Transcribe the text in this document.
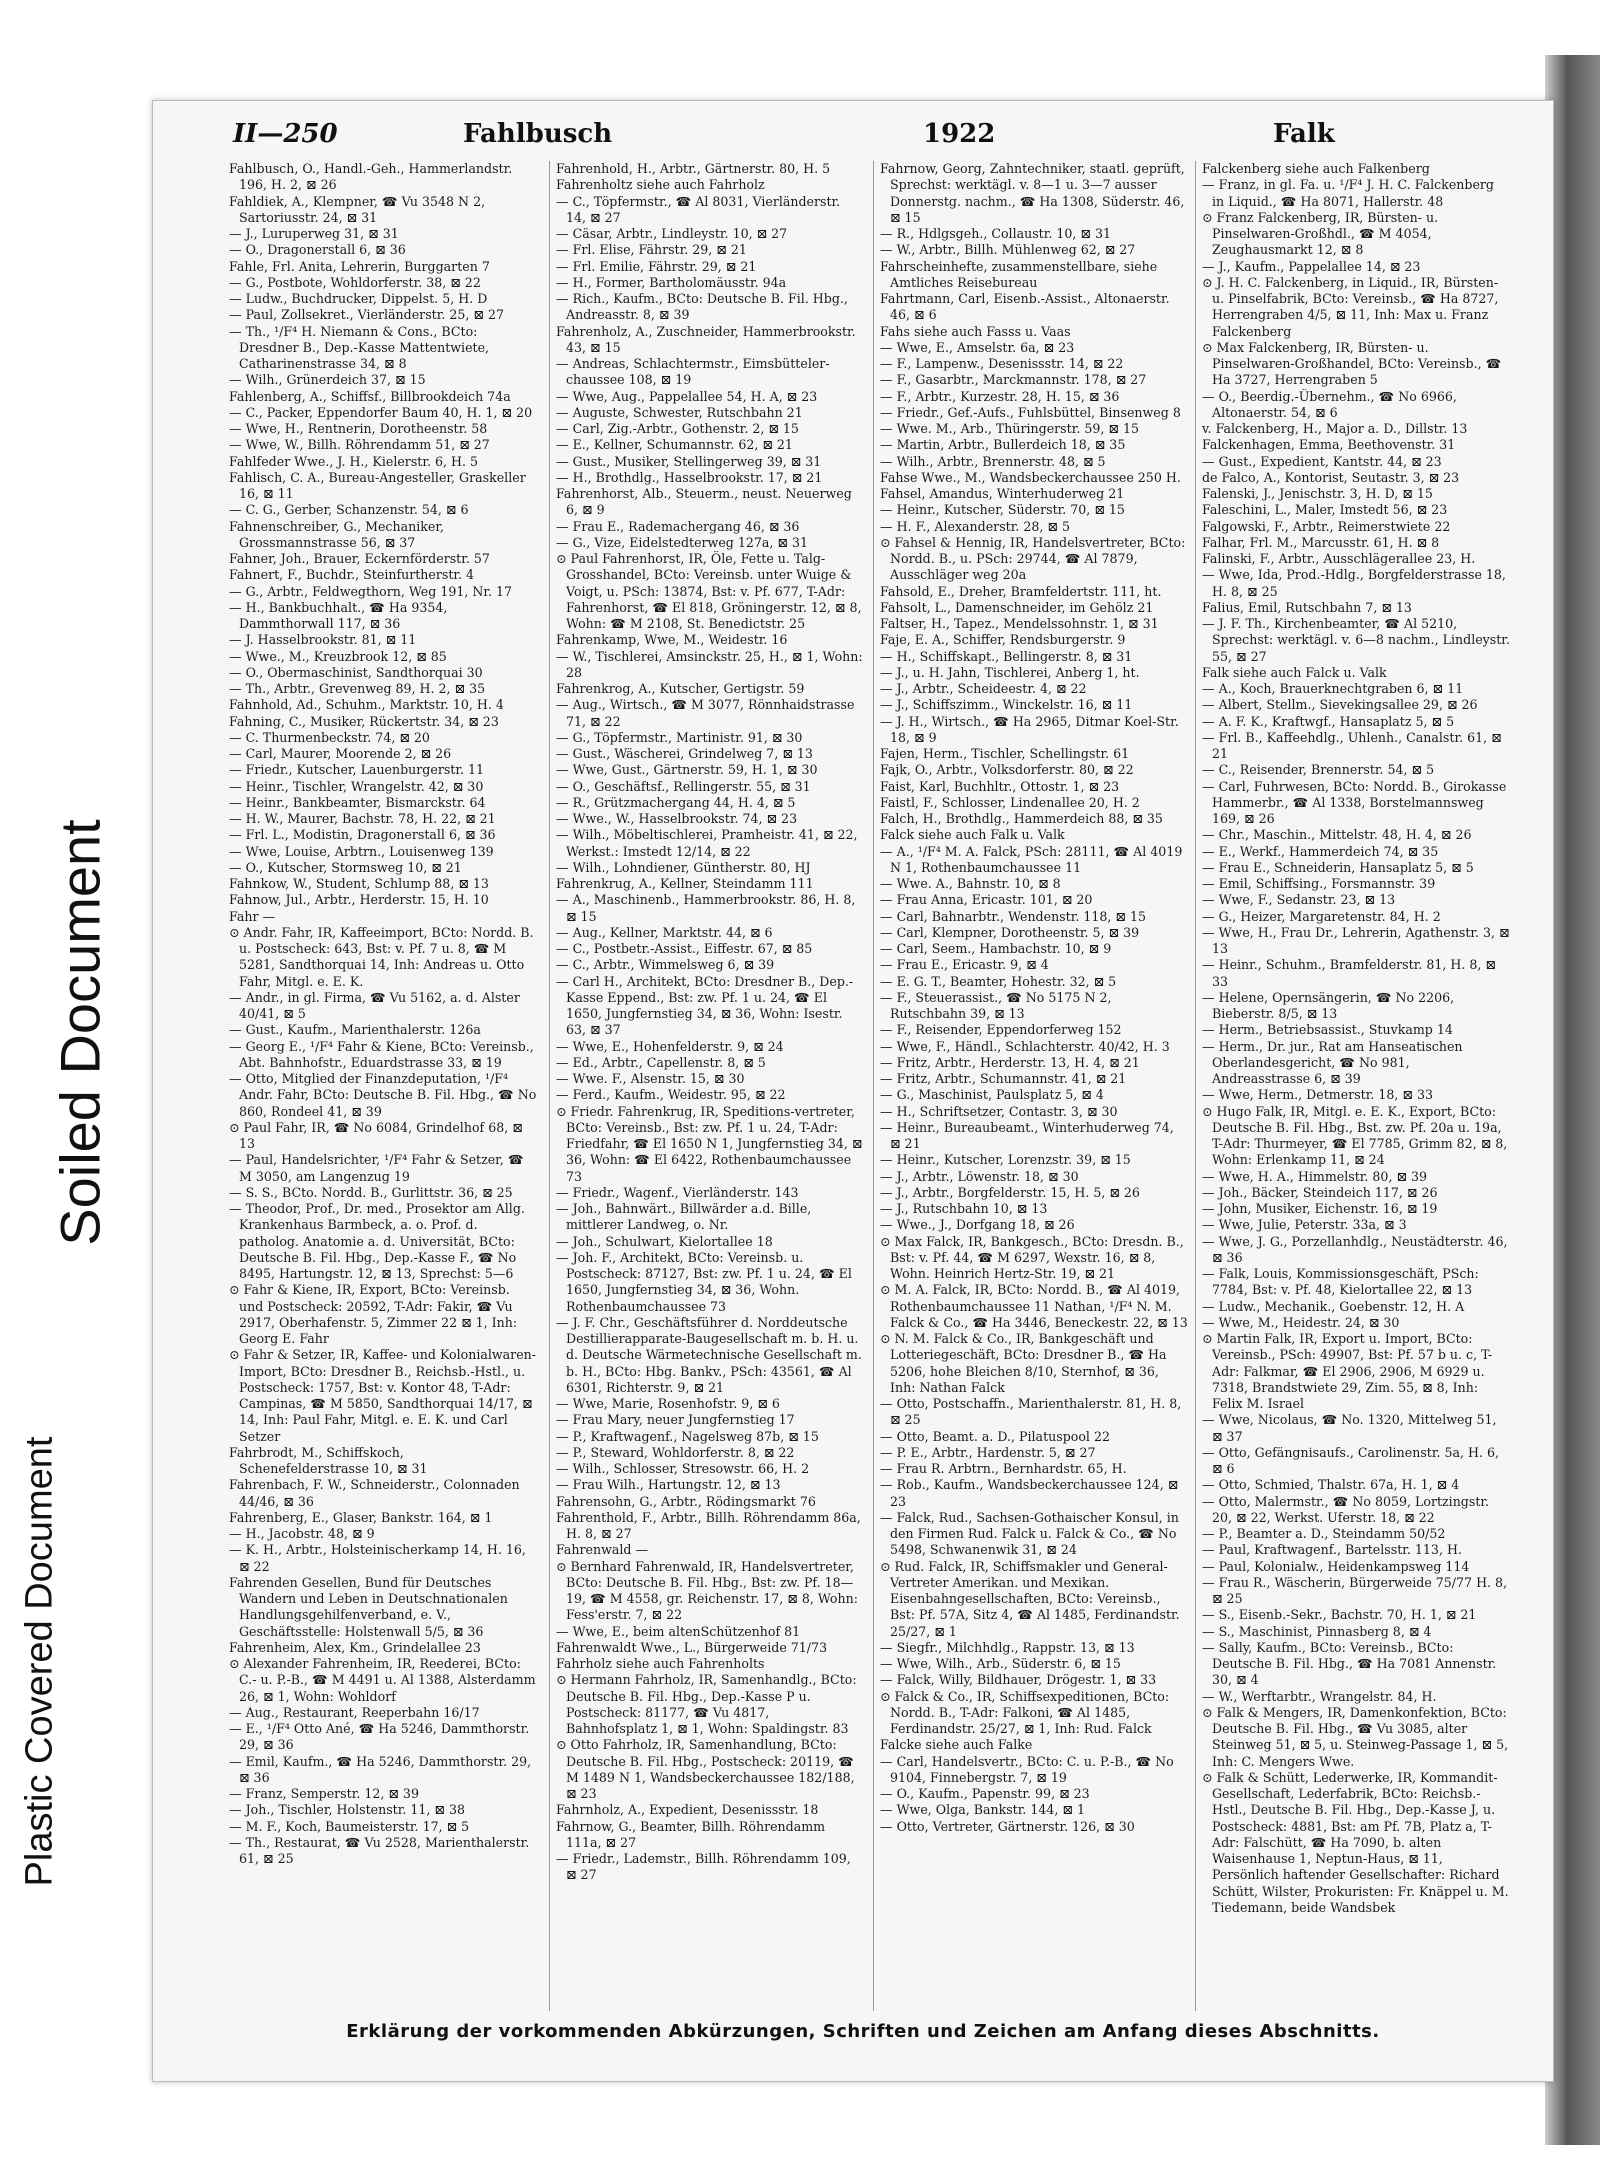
Plastic Covered Document
Soiled Document
II—250	Fahlbusch	1922	Falk

Fahlbusch, O., Handl.-Geh., Hammerlandstr. 196, H. 2, ⊠ 26

Fahldiek, A., Klempner, ☎ Vu 3548 N 2, Sartoriusstr. 24, ⊠ 31

— J., Luruperweg 31, ⊠ 31

— O., Dragonerstall 6, ⊠ 36

Fahle, Frl. Anita, Lehrerin, Burggarten 7

— G., Postbote, Wohldorferstr. 38, ⊠ 22

— Ludw., Buchdrucker, Dippelst. 5, H. D

— Paul, Zollsekret., Vierländerstr. 25, ⊠ 27

— Th., ¹/F⁴ H. Niemann & Cons., BCto: Dresdner B., Dep.-Kasse Mattentwiete, Catharinenstrasse 34, ⊠ 8

— Wilh., Grünerdeich 37, ⊠ 15

Fahlenberg, A., Schiffsf., Billbrookdeich 74a

— C., Packer, Eppendorfer Baum 40, H. 1, ⊠ 20

— Wwe, H., Rentnerin, Dorotheenstr. 58

— Wwe, W., Billh. Röhrendamm 51, ⊠ 27

Fahlfeder Wwe., J. H., Kielerstr. 6, H. 5

Fahlisch, C. A., Bureau-Angesteller, Graskeller 16, ⊠ 11

— C. G., Gerber, Schanzenstr. 54, ⊠ 6

Fahnenschreiber, G., Mechaniker, Grossmannstrasse 56, ⊠ 37

Fahner, Joh., Brauer, Eckernförderstr. 57

Fahnert, F., Buchdr., Steinfurtherstr. 4

— G., Arbtr., Feldwegthorn, Weg 191, Nr. 17

— H., Bankbuchhalt., ☎ Ha 9354, Dammthorwall 117, ⊠ 36

— J. Hasselbrookstr. 81, ⊠ 11

— Wwe., M., Kreuzbrook 12, ⊠ 85

— O., Obermaschinist, Sandthorquai 30

— Th., Arbtr., Grevenweg 89, H. 2, ⊠ 35

Fahnhold, Ad., Schuhm., Marktstr. 10, H. 4

Fahning, C., Musiker, Rückertstr. 34, ⊠ 23

— C. Thurmenbeckstr. 74, ⊠ 20

— Carl, Maurer, Moorende 2, ⊠ 26

— Friedr., Kutscher, Lauenburgerstr. 11

— Heinr., Tischler, Wrangelstr. 42, ⊠ 30

— Heinr., Bankbeamter, Bismarckstr. 64

— H. W., Maurer, Bachstr. 78, H. 22, ⊠ 21

— Frl. L., Modistin, Dragonerstall 6, ⊠ 36

— Wwe, Louise, Arbtrn., Louisenweg 139

— O., Kutscher, Stormsweg 10, ⊠ 21

Fahnkow, W., Student, Schlump 88, ⊠ 13

Fahnow, Jul., Arbtr., Herderstr. 15, H. 10

Fahr —

⊙ Andr. Fahr, IR, Kaffeeimport, BCto: Nordd. B. u. Postscheck: 643, Bst: v. Pf. 7 u. 8, ☎ M 5281, Sandthorquai 14, Inh: Andreas u. Otto Fahr, Mitgl. e. E. K.

— Andr., in gl. Firma, ☎ Vu 5162, a. d. Alster 40/41, ⊠ 5

— Gust., Kaufm., Marienthalerstr. 126a

— Georg E., ¹/F⁴ Fahr & Kiene, BCto: Vereinsb., Abt. Bahnhofstr., Eduardstrasse 33, ⊠ 19

— Otto, Mitglied der Finanzdeputation, ¹/F⁴ Andr. Fahr, BCto: Deutsche B. Fil. Hbg., ☎ No 860, Rondeel 41, ⊠ 39

⊙ Paul Fahr, IR, ☎ No 6084, Grindelhof 68, ⊠ 13

— Paul, Handelsrichter, ¹/F⁴ Fahr & Setzer, ☎ M 3050, am Langenzug 19

— S. S., BCto. Nordd. B., Gurlittstr. 36, ⊠ 25

— Theodor, Prof., Dr. med., Prosektor am Allg. Krankenhaus Barmbeck, a. o. Prof. d. patholog. Anatomie a. d. Universität, BCto: Deutsche B. Fil. Hbg., Dep.-Kasse F., ☎ No 8495, Hartungstr. 12, ⊠ 13, Sprechst: 5—6

⊙ Fahr & Kiene, IR, Export, BCto: Vereinsb. und Postscheck: 20592, T-Adr: Fakir, ☎ Vu 2917, Oberhafenstr. 5, Zimmer 22 ⊠ 1, Inh: Georg E. Fahr

⊙ Fahr & Setzer, IR, Kaffee- und Kolonialwaren-Import, BCto: Dresdner B., Reichsb.-Hstl., u. Postscheck: 1757, Bst: v. Kontor 48, T-Adr: Campinas, ☎ M 5850, Sandthorquai 14/17, ⊠ 14, Inh: Paul Fahr, Mitgl. e. E. K. und Carl Setzer

Fahrbrodt, M., Schiffskoch, Schenefelderstrasse 10, ⊠ 31

Fahrenbach, F. W., Schneiderstr., Colonnaden 44/46, ⊠ 36

Fahrenberg, E., Glaser, Bankstr. 164, ⊠ 1

— H., Jacobstr. 48, ⊠ 9

— K. H., Arbtr., Holsteinischerkamp 14, H. 16, ⊠ 22

Fahrenden Gesellen, Bund für Deutsches Wandern und Leben in Deutschnationalen Handlungsgehilfenverband, e. V., Geschäftsstelle: Holstenwall 5/5, ⊠ 36

Fahrenheim, Alex, Km., Grindelallee 23

⊙ Alexander Fahrenheim, IR, Reederei, BCto: C.- u. P.-B., ☎ M 4491 u. Al 1388, Alsterdamm 26, ⊠ 1, Wohn: Wohldorf

— Aug., Restaurant, Reeperbahn 16/17

— E., ¹/F⁴ Otto Ané, ☎ Ha 5246, Dammthorstr. 29, ⊠ 36

— Emil, Kaufm., ☎ Ha 5246, Dammthorstr. 29, ⊠ 36

— Franz, Semperstr. 12, ⊠ 39

— Joh., Tischler, Holstenstr. 11, ⊠ 38

— M. F., Koch, Baumeisterstr. 17, ⊠ 5

— Th., Restaurat, ☎ Vu 2528, Marienthalerstr. 61, ⊠ 25

Fahrenhold, H., Arbtr., Gärtnerstr. 80, H. 5

Fahrenholtz siehe auch Fahrholz

— C., Töpfermstr., ☎ Al 8031, Vierländerstr. 14, ⊠ 27

— Cäsar, Arbtr., Lindleystr. 10, ⊠ 27

— Frl. Elise, Fährstr. 29, ⊠ 21

— Frl. Emilie, Fährstr. 29, ⊠ 21

— H., Former, Bartholomäusstr. 94a

— Rich., Kaufm., BCto: Deutsche B. Fil. Hbg., Andreasstr. 8, ⊠ 39

Fahrenholz, A., Zuschneider, Hammerbrookstr. 43, ⊠ 15

— Andreas, Schlachtermstr., Eimsbütteler-chaussee 108, ⊠ 19

— Wwe, Aug., Pappelallee 54, H. A, ⊠ 23

— Auguste, Schwester, Rutschbahn 21

— Carl, Zig.-Arbtr., Gothenstr. 2, ⊠ 15

— E., Kellner, Schumannstr. 62, ⊠ 21

— Gust., Musiker, Stellingerweg 39, ⊠ 31

— H., Brothdlg., Hasselbrookstr. 17, ⊠ 21

Fahrenhorst, Alb., Steuerm., neust. Neuerweg 6, ⊠ 9

— Frau E., Rademachergang 46, ⊠ 36

— G., Vize, Eidelstedterweg 127a, ⊠ 31

⊙ Paul Fahrenhorst, IR, Öle, Fette u. Talg-Grosshandel, BCto: Vereinsb. unter Wuige & Voigt, u. PSch: 13874, Bst: v. Pf. 677, T-Adr: Fahrenhorst, ☎ El 818, Gröningerstr. 12, ⊠ 8, Wohn: ☎ M 2108, St. Benedictstr. 25

Fahrenkamp, Wwe, M., Weidestr. 16

— W., Tischlerei, Amsinckstr. 25, H., ⊠ 1, Wohn: 28

Fahrenkrog, A., Kutscher, Gertigstr. 59

— Aug., Wirtsch., ☎ M 3077, Rönnhaidstrasse 71, ⊠ 22

— G., Töpfermstr., Martinistr. 91, ⊠ 30

— Gust., Wäscherei, Grindelweg 7, ⊠ 13

— Wwe, Gust., Gärtnerstr. 59, H. 1, ⊠ 30

— O., Geschäftsf., Rellingerstr. 55, ⊠ 31

— R., Grützmachergang 44, H. 4, ⊠ 5

— Wwe., W., Hasselbrookstr. 74, ⊠ 23

— Wilh., Möbeltischlerei, Pramheistr. 41, ⊠ 22, Werkst.: Imstedt 12/14, ⊠ 22

— Wilh., Lohndiener, Güntherstr. 80, HJ

Fahrenkrug, A., Kellner, Steindamm 111

— A., Maschinenb., Hammerbrookstr. 86, H. 8, ⊠ 15

— Aug., Kellner, Marktstr. 44, ⊠ 6

— C., Postbetr.-Assist., Eiffestr. 67, ⊠ 85

— C., Arbtr., Wimmelsweg 6, ⊠ 39

— Carl H., Architekt, BCto: Dresdner B., Dep.-Kasse Eppend., Bst: zw. Pf. 1 u. 24, ☎ El 1650, Jungfernstieg 34, ⊠ 36, Wohn: Isestr. 63, ⊠ 37

— Wwe, E., Hohenfelderstr. 9, ⊠ 24

— Ed., Arbtr., Capellenstr. 8, ⊠ 5

— Wwe. F., Alsenstr. 15, ⊠ 30

— Ferd., Kaufm., Weidestr. 95, ⊠ 22

⊙ Friedr. Fahrenkrug, IR, Speditions-vertreter, BCto: Vereinsb., Bst: zw. Pf. 1 u. 24, T-Adr: Friedfahr, ☎ El 1650 N 1, Jungfernstieg 34, ⊠ 36, Wohn: ☎ El 6422, Rothenbaumchaussee 73

— Friedr., Wagenf., Vierländerstr. 143

— Joh., Bahnwärt., Billwärder a.d. Bille, mittlerer Landweg, o. Nr.

— Joh., Schulwart, Kielortallee 18

— Joh. F., Architekt, BCto: Vereinsb. u. Postscheck: 87127, Bst: zw. Pf. 1 u. 24, ☎ El 1650, Jungfernstieg 34, ⊠ 36, Wohn. Rothenbaumchaussee 73

— J. F. Chr., Geschäftsführer d. Norddeutsche Destillierapparate-Baugesellschaft m. b. H. u. d. Deutsche Wärmetechnische Gesellschaft m. b. H., BCto: Hbg. Bankv., PSch: 43561, ☎ Al 6301, Richterstr. 9, ⊠ 21

— Wwe, Marie, Rosenhofstr. 9, ⊠ 6

— Frau Mary, neuer Jungfernstieg 17

— P., Kraftwagenf., Nagelsweg 87b, ⊠ 15

— P., Steward, Wohldorferstr. 8, ⊠ 22

— Wilh., Schlosser, Stresowstr. 66, H. 2

— Frau Wilh., Hartungstr. 12, ⊠ 13

Fahrensohn, G., Arbtr., Rödingsmarkt 76

Fahrenthold, F., Arbtr., Billh. Röhrendamm 86a, H. 8, ⊠ 27

Fahrenwald —

⊙ Bernhard Fahrenwald, IR, Handelsvertreter, BCto: Deutsche B. Fil. Hbg., Bst: zw. Pf. 18—19, ☎ M 4558, gr. Reichenstr. 17, ⊠ 8, Wohn: Fess'erstr. 7, ⊠ 22

— Wwe, E., beim altenSchützenhof 81

Fahrenwaldt Wwe., L., Bürgerweide 71/73

Fahrholz siehe auch Fahrenholts

⊙ Hermann Fahrholz, IR, Samenhandlg., BCto: Deutsche B. Fil. Hbg., Dep.-Kasse P u. Postscheck: 81177, ☎ Vu 4817, Bahnhofsplatz 1, ⊠ 1, Wohn: Spaldingstr. 83

⊙ Otto Fahrholz, IR, Samenhandlung, BCto: Deutsche B. Fil. Hbg., Postscheck: 20119, ☎ M 1489 N 1, Wandsbeckerchaussee 182/188, ⊠ 23

Fahrnholz, A., Expedient, Desenissstr. 18

Fahrnow, G., Beamter, Billh. Röhrendamm 111a, ⊠ 27

— Friedr., Lademstr., Billh. Röhrendamm 109, ⊠ 27

Fahrnow, Georg, Zahntechniker, staatl. geprüft, Sprechst: werktägl. v. 8—1 u. 3—7 ausser Donnerstg. nachm., ☎ Ha 1308, Süderstr. 46, ⊠ 15

— R., Hdlgsgeh., Collaustr. 10, ⊠ 31

— W., Arbtr., Billh. Mühlenweg 62, ⊠ 27

Fahrscheinhefte, zusammenstellbare, siehe Amtliches Reisebureau

Fahrtmann, Carl, Eisenb.-Assist., Altonaerstr. 46, ⊠ 6

Fahs siehe auch Fasss u. Vaas

— Wwe, E., Amselstr. 6a, ⊠ 23

— F., Lampenw., Desenissstr. 14, ⊠ 22

— F., Gasarbtr., Marckmannstr. 178, ⊠ 27

— F., Arbtr., Kurzestr. 28, H. 15, ⊠ 36

— Friedr., Gef.-Aufs., Fuhlsbüttel, Binsenweg 8

— Wwe. M., Arb., Thüringerstr. 59, ⊠ 15

— Martin, Arbtr., Bullerdeich 18, ⊠ 35

— Wilh., Arbtr., Brennerstr. 48, ⊠ 5

Fahse Wwe., M., Wandsbeckerchaussee 250 H.

Fahsel, Amandus, Winterhuderweg 21

— Heinr., Kutscher, Süderstr. 70, ⊠ 15

— H. F., Alexanderstr. 28, ⊠ 5

⊙ Fahsel & Hennig, IR, Handelsvertreter, BCto: Nordd. B., u. PSch: 29744, ☎ Al 7879, Ausschläger weg 20a

Fahsold, E., Dreher, Bramfeldertstr. 111, ht.

Fahsolt, L., Damenschneider, im Gehölz 21

Faltser, H., Tapez., Mendelssohnstr. 1, ⊠ 31

Faje, E. A., Schiffer, Rendsburgerstr. 9

— H., Schiffskapt., Bellingerstr. 8, ⊠ 31

— J., u. H. Jahn, Tischlerei, Anberg 1, ht.

— J., Arbtr., Scheideestr. 4, ⊠ 22

— J., Schiffszimm., Winckelstr. 16, ⊠ 11

— J. H., Wirtsch., ☎ Ha 2965, Ditmar Koel-Str. 18, ⊠ 9

Fajen, Herm., Tischler, Schellingstr. 61

Fajk, O., Arbtr., Volksdorferstr. 80, ⊠ 22

Faist, Karl, Buchhltr., Ottostr. 1, ⊠ 23

Faistl, F., Schlosser, Lindenallee 20, H. 2

Falch, H., Brothdlg., Hammerdeich 88, ⊠ 35

Falck siehe auch Falk u. Valk

— A., ¹/F⁴ M. A. Falck, PSch: 28111, ☎ Al 4019 N 1, Rothenbaumchaussee 11

— Wwe. A., Bahnstr. 10, ⊠ 8

— Frau Anna, Ericastr. 101, ⊠ 20

— Carl, Bahnarbtr., Wendenstr. 118, ⊠ 15

— Carl, Klempner, Dorotheenstr. 5, ⊠ 39

— Carl, Seem., Hambachstr. 10, ⊠ 9

— Frau E., Ericastr. 9, ⊠ 4

— E. G. T., Beamter, Hohestr. 32, ⊠ 5

— F., Steuerassist., ☎ No 5175 N 2, Rutschbahn 39, ⊠ 13

— F., Reisender, Eppendorferweg 152

— Wwe, F., Händl., Schlachterstr. 40/42, H. 3

— Fritz, Arbtr., Herderstr. 13, H. 4, ⊠ 21

— Fritz, Arbtr., Schumannstr. 41, ⊠ 21

— G., Maschinist, Paulsplatz 5, ⊠ 4

— H., Schriftsetzer, Contastr. 3, ⊠ 30

— Heinr., Bureaubeamt., Winterhuderweg 74, ⊠ 21

— Heinr., Kutscher, Lorenzstr. 39, ⊠ 15

— J., Arbtr., Löwenstr. 18, ⊠ 30

— J., Arbtr., Borgfelderstr. 15, H. 5, ⊠ 26

— J., Rutschbahn 10, ⊠ 13

— Wwe., J., Dorfgang 18, ⊠ 26

⊙ Max Falck, IR, Bankgesch., BCto: Dresdn. B., Bst: v. Pf. 44, ☎ M 6297, Wexstr. 16, ⊠ 8, Wohn. Heinrich Hertz-Str. 19, ⊠ 21

⊙ M. A. Falck, IR, BCto: Nordd. B., ☎ Al 4019, Rothenbaumchaussee 11 Nathan, ¹/F⁴ N. M. Falck & Co., ☎ Ha 3446, Beneckestr. 22, ⊠ 13

⊙ N. M. Falck & Co., IR, Bankgeschäft und Lotteriegeschäft, BCto: Dresdner B., ☎ Ha 5206, hohe Bleichen 8/10, Sternhof, ⊠ 36, Inh: Nathan Falck

— Otto, Postschaffn., Marienthalerstr. 81, H. 8, ⊠ 25

— Otto, Beamt. a. D., Pilatuspool 22

— P. E., Arbtr., Hardenstr. 5, ⊠ 27

— Frau R. Arbtrn., Bernhardstr. 65, H.

— Rob., Kaufm., Wandsbeckerchaussee 124, ⊠ 23

— Falck, Rud., Sachsen-Gothaischer Konsul, in den Firmen Rud. Falck u. Falck & Co., ☎ No 5498, Schwanenwik 31, ⊠ 24

⊙ Rud. Falck, IR, Schiffsmakler und General-Vertreter Amerikan. und Mexikan. Eisenbahngesellschaften, BCto: Vereinsb., Bst: Pf. 57A, Sitz 4, ☎ Al 1485, Ferdinandstr. 25/27, ⊠ 1

— Siegfr., Milchhdlg., Rappstr. 13, ⊠ 13

— Wwe, Wilh., Arb., Süderstr. 6, ⊠ 15

— Falck, Willy, Bildhauer, Drögestr. 1, ⊠ 33

⊙ Falck & Co., IR, Schiffsexpeditionen, BCto: Nordd. B., T-Adr: Falkoni, ☎ Al 1485, Ferdinandstr. 25/27, ⊠ 1, Inh: Rud. Falck

Falcke siehe auch Falke

— Carl, Handelsvertr., BCto: C. u. P.-B., ☎ No 9104, Finnebergstr. 7, ⊠ 19

— O., Kaufm., Papenstr. 99, ⊠ 23

— Wwe, Olga, Bankstr. 144, ⊠ 1

— Otto, Vertreter, Gärtnerstr. 126, ⊠ 30

Falckenberg siehe auch Falkenberg

— Franz, in gl. Fa. u. ¹/F⁴ J. H. C. Falckenberg in Liquid., ☎ Ha 8071, Hallerstr. 48

⊙ Franz Falckenberg, IR, Bürsten- u. Pinselwaren-Großhdl., ☎ M 4054, Zeughausmarkt 12, ⊠ 8

— J., Kaufm., Pappelallee 14, ⊠ 23

⊙ J. H. C. Falckenberg, in Liquid., IR, Bürsten- u. Pinselfabrik, BCto: Vereinsb., ☎ Ha 8727, Herrengraben 4/5, ⊠ 11, Inh: Max u. Franz Falckenberg

⊙ Max Falckenberg, IR, Bürsten- u. Pinselwaren-Großhandel, BCto: Vereinsb., ☎ Ha 3727, Herrengraben 5

— O., Beerdig.-Übernehm., ☎ No 6966, Altonaerstr. 54, ⊠ 6

v. Falckenberg, H., Major a. D., Dillstr. 13

Falckenhagen, Emma, Beethovenstr. 31

— Gust., Expedient, Kantstr. 44, ⊠ 23

de Falco, A., Kontorist, Seutastr. 3, ⊠ 23

Falenski, J., Jenischstr. 3, H. D, ⊠ 15

Faleschini, L., Maler, Imstedt 56, ⊠ 23

Falgowski, F., Arbtr., Reimerstwiete 22

Falhar, Frl. M., Marcusstr. 61, H. ⊠ 8

Falinski, F., Arbtr., Ausschlägerallee 23, H.

— Wwe, Ida, Prod.-Hdlg., Borgfelderstrasse 18, H. 8, ⊠ 25

Falius, Emil, Rutschbahn 7, ⊠ 13

— J. F. Th., Kirchenbeamter, ☎ Al 5210, Sprechst: werktägl. v. 6—8 nachm., Lindleystr. 55, ⊠ 27

Falk siehe auch Falck u. Valk

— A., Koch, Brauerknechtgraben 6, ⊠ 11

— Albert, Stellm., Sievekingsallee 29, ⊠ 26

— A. F. K., Kraftwgf., Hansaplatz 5, ⊠ 5

— Frl. B., Kaffeehdlg., Uhlenh., Canalstr. 61, ⊠ 21

— C., Reisender, Brennerstr. 54, ⊠ 5

— Carl, Fuhrwesen, BCto: Nordd. B., Girokasse Hammerbr., ☎ Al 1338, Borstelmannsweg 169, ⊠ 26

— Chr., Maschin., Mittelstr. 48, H. 4, ⊠ 26

— E., Werkf., Hammerdeich 74, ⊠ 35

— Frau E., Schneiderin, Hansaplatz 5, ⊠ 5

— Emil, Schiffsing., Forsmannstr. 39

— Wwe, F., Sedanstr. 23, ⊠ 13

— G., Heizer, Margaretenstr. 84, H. 2

— Wwe, H., Frau Dr., Lehrerin, Agathenstr. 3, ⊠ 13

— Heinr., Schuhm., Bramfelderstr. 81, H. 8, ⊠ 33

— Helene, Opernsängerin, ☎ No 2206, Bieberstr. 8/5, ⊠ 13

— Herm., Betriebsassist., Stuvkamp 14

— Herm., Dr. jur., Rat am Hanseatischen Oberlandesgericht, ☎ No 981, Andreasstrasse 6, ⊠ 39

— Wwe, Herm., Detmerstr. 18, ⊠ 33

⊙ Hugo Falk, IR, Mitgl. e. E. K., Export, BCto: Deutsche B. Fil. Hbg., Bst. zw. Pf. 20a u. 19a, T-Adr: Thurmeyer, ☎ El 7785, Grimm 82, ⊠ 8, Wohn: Erlenkamp 11, ⊠ 24

— Wwe, H. A., Himmelstr. 80, ⊠ 39

— Joh., Bäcker, Steindeich 117, ⊠ 26

— John, Musiker, Eichenstr. 16, ⊠ 19

— Wwe, Julie, Peterstr. 33a, ⊠ 3

— Wwe, J. G., Porzellanhdlg., Neustädterstr. 46, ⊠ 36

— Falk, Louis, Kommissionsgeschäft, PSch: 7784, Bst: v. Pf. 48, Kielortallee 22, ⊠ 13

— Ludw., Mechanik., Goebenstr. 12, H. A

— Wwe, M., Heidestr. 24, ⊠ 30

⊙ Martin Falk, IR, Export u. Import, BCto: Vereinsb., PSch: 49907, Bst: Pf. 57 b u. c, T-Adr: Falkmar, ☎ El 2906, 2906, M 6929 u. 7318, Brandstwiete 29, Zim. 55, ⊠ 8, Inh: Felix M. Israel

— Wwe, Nicolaus, ☎ No. 1320, Mittelweg 51, ⊠ 37

— Otto, Gefängnisaufs., Carolinenstr. 5a, H. 6, ⊠ 6

— Otto, Schmied, Thalstr. 67a, H. 1, ⊠ 4

— Otto, Malermstr., ☎ No 8059, Lortzingstr. 20, ⊠ 22, Werkst. Uferstr. 18, ⊠ 22

— P., Beamter a. D., Steindamm 50/52

— Paul, Kraftwagenf., Bartelsstr. 113, H.

— Paul, Kolonialw., Heidenkampsweg 114

— Frau R., Wäscherin, Bürgerweide 75/77 H. 8, ⊠ 25

— S., Eisenb.-Sekr., Bachstr. 70, H. 1, ⊠ 21

— S., Maschinist, Pinnasberg 8, ⊠ 4

— Sally, Kaufm., BCto: Vereinsb., BCto: Deutsche B. Fil. Hbg., ☎ Ha 7081 Annenstr. 30, ⊠ 4

— W., Werftarbtr., Wrangelstr. 84, H.

⊙ Falk & Mengers, IR, Damenkonfektion, BCto: Deutsche B. Fil. Hbg., ☎ Vu 3085, alter Steinweg 51, ⊠ 5, u. Steinweg-Passage 1, ⊠ 5, Inh: C. Mengers Wwe.

⊙ Falk & Schütt, Lederwerke, IR, Kommandit-Gesellschaft, Lederfabrik, BCto: Reichsb.-Hstl., Deutsche B. Fil. Hbg., Dep.-Kasse J, u. Postscheck: 4881, Bst: am Pf. 7B, Platz a, T-Adr: Falschütt, ☎ Ha 7090, b. alten Waisenhause 1, Neptun-Haus, ⊠ 11, Persönlich haftender Gesellschafter: Richard Schütt, Wilster, Prokuristen: Fr. Knäppel u. M. Tiedemann, beide Wandsbek

Erklärung der vorkommenden Abkürzungen, Schriften und Zeichen am Anfang dieses Abschnitts.
